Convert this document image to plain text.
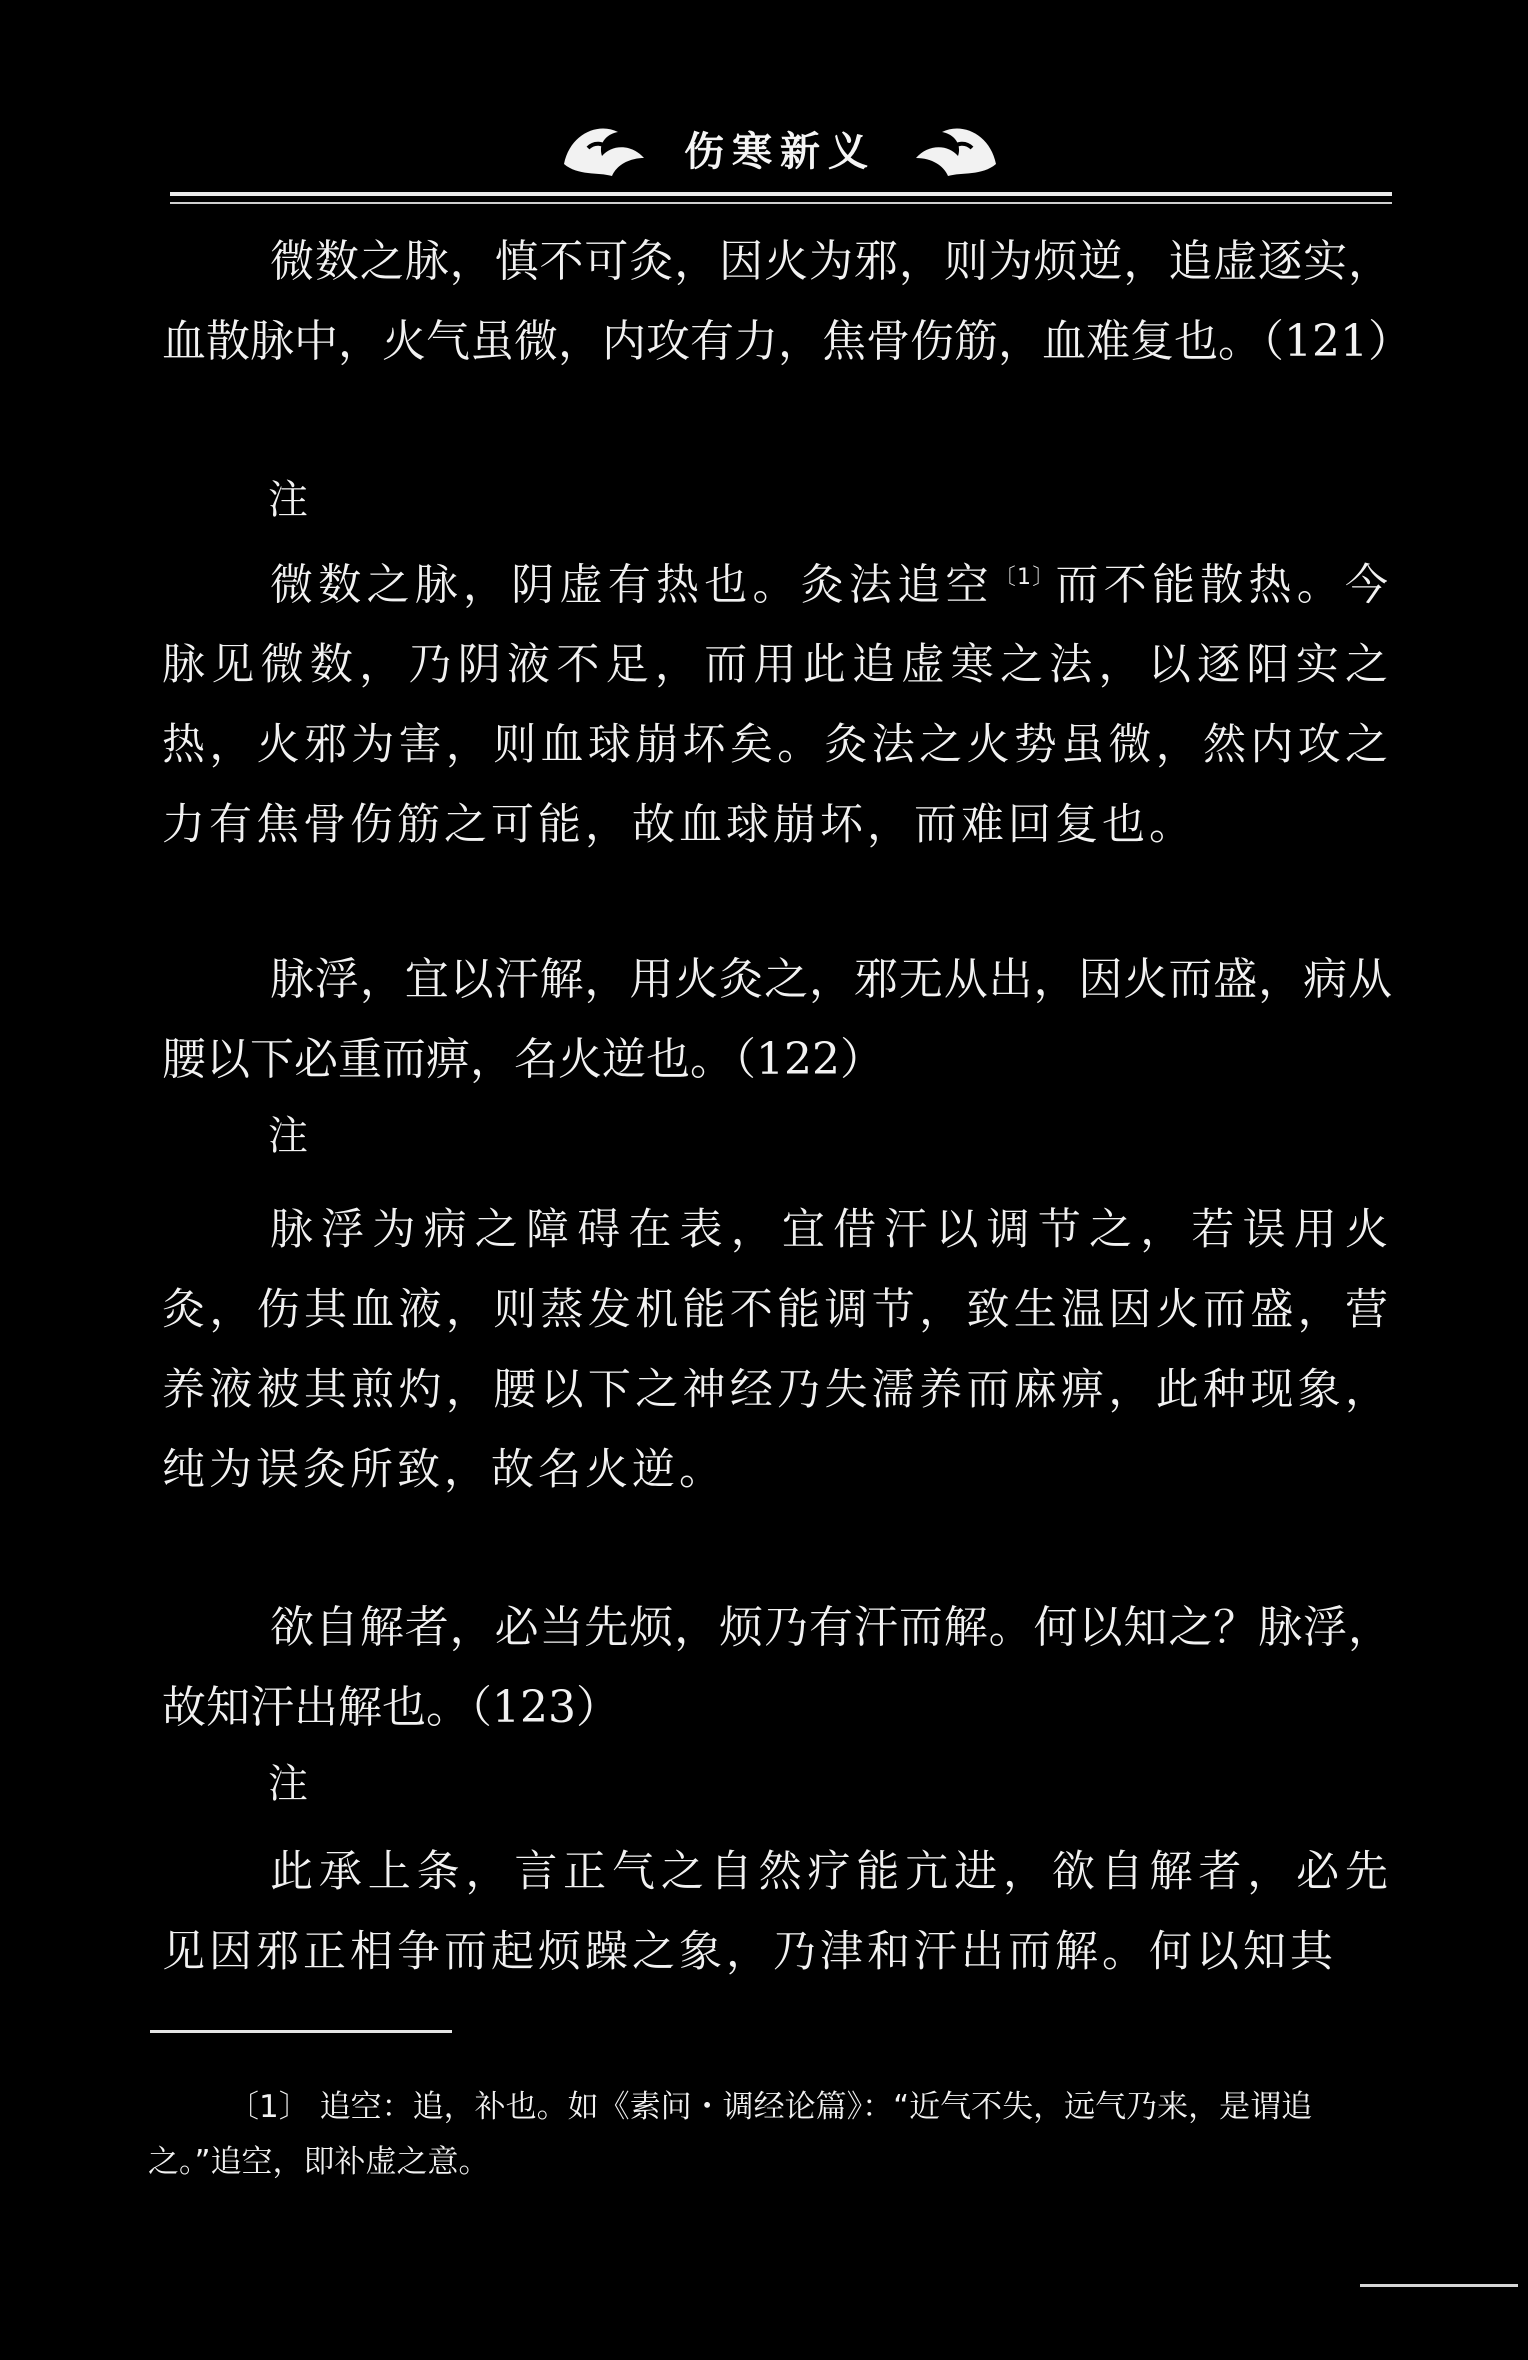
伤寒新义

微数之脉，慎不可灸，因火为邪，则为烦逆，追虚逐实，血散脉中，火气虽微，内攻有力，焦骨伤筋，血难复也。（121）

注

微数之脉，阴虚有热也。灸法追空$^{〔1〕}$而不能散热。今脉见微数，乃阴液不足，而用此追虚寒之法，以逐阳实之热，火邪为害，则血球崩坏矣。灸法之火势虽微，然内攻之力有焦骨伤筋之可能，故血球崩坏，而难回复也。

脉浮，宜以汗解，用火灸之，邪无从出，因火而盛，病从腰以下必重而痹，名火逆也。（122）

注

脉浮为病之障碍在表，宜借汗以调节之，若误用火灸，伤其血液，则蒸发机能不能调节，致生温因火而盛，营养液被其煎灼，腰以下之神经乃失濡养而麻痹，此种现象，纯为误灸所致，故名火逆。

欲自解者，必当先烦，烦乃有汗而解。何以知之？脉浮，故知汗出解也。（123）

注

此承上条，言正气之自然疗能亢进，欲自解者，必先见因邪正相争而起烦躁之象，乃津和汗出而解。何以知其

〔1〕 追空：追，补也。如《素问・调经论篇》：“近气不失，远气乃来，是谓追之。”追空，即补虚之意。
